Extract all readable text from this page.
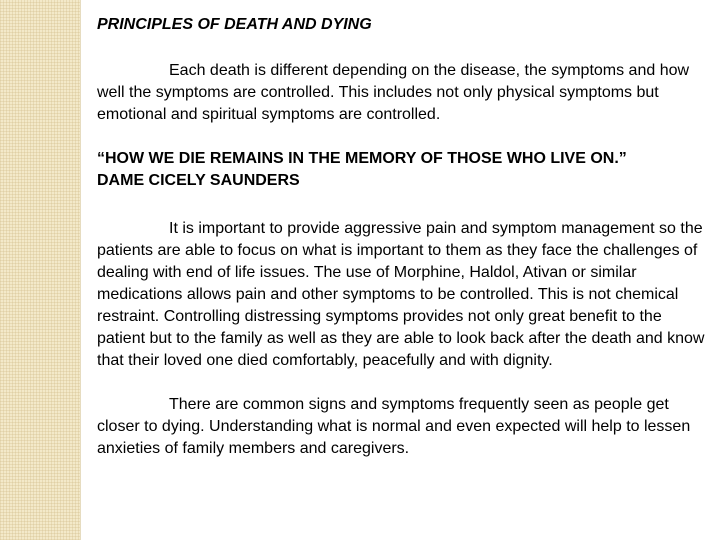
PRINCIPLES OF DEATH AND DYING

Each death is different depending on the disease, the symptoms and how well the symptoms are controlled. This includes not only physical symptoms but emotional and spiritual symptoms are controlled.

“HOW WE DIE REMAINS IN THE MEMORY OF THOSE WHO LIVE ON.”
DAME CICELY SAUNDERS

It is important to provide aggressive pain and symptom management so the patients are able to focus on what is important to them as they face the challenges of dealing with end of life issues. The use of Morphine, Haldol, Ativan or similar medications allows pain and other symptoms to be controlled. This is not chemical restraint. Controlling distressing symptoms provides not only great benefit to the patient but to the family as well as they are able to look back after the death and know that their loved one died comfortably, peacefully and with dignity.

There are common signs and symptoms frequently seen as people get closer to dying. Understanding what is normal and even expected will help to lessen anxieties of family members and caregivers.
